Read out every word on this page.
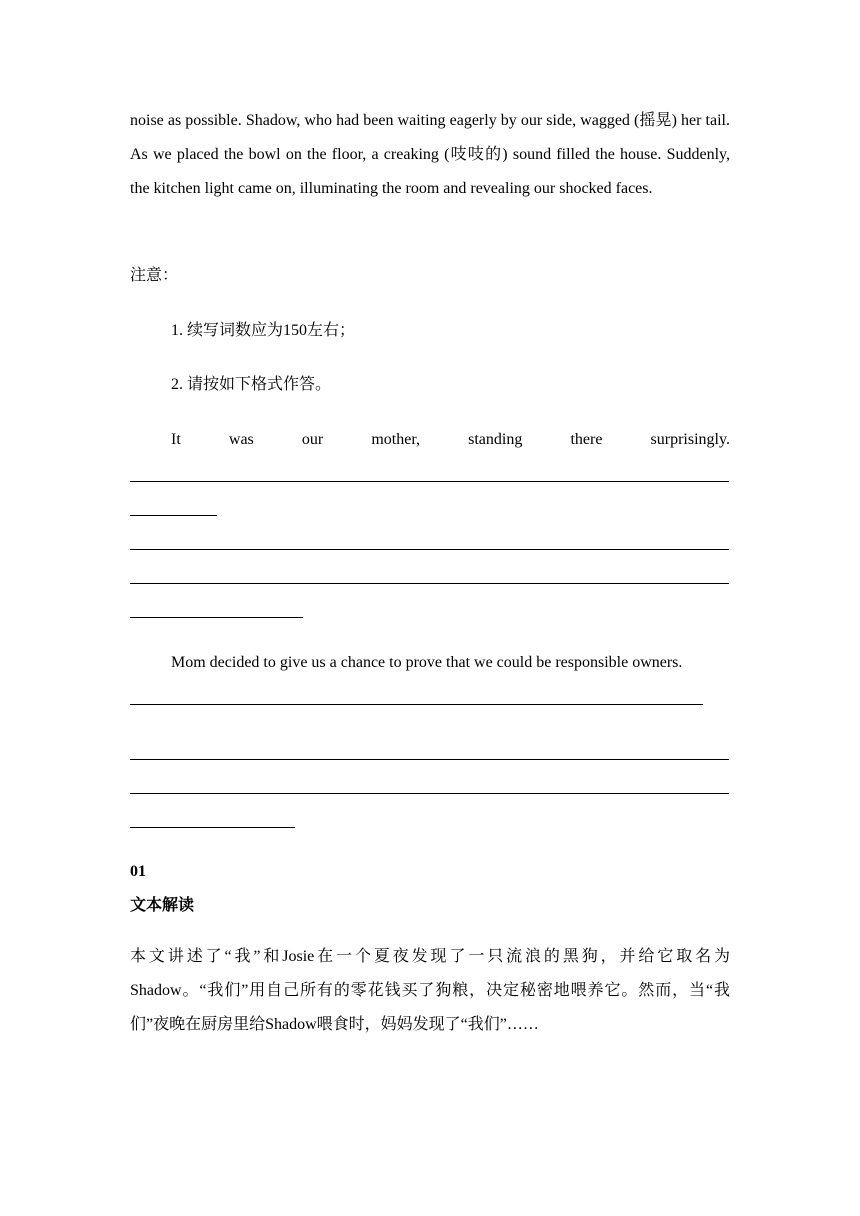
noise as possible. Shadow, who had been waiting eagerly by our side, wagged (摇晃) her tail. As we placed the bowl on the floor, a creaking (吱吱的) sound filled the house. Suddenly, the kitchen light came on, illuminating the room and revealing our shocked faces.

注意：

1. 续写词数应为150左右；

2. 请按如下格式作答。

It	was	our	mother,	standing	there	surprisingly.

Mom decided to give us a chance to prove that we could be responsible owners.

01

文本解读

本文讲述了“我”和Josie在一个夏夜发现了一只流浪的黑狗，并给它取名为Shadow。“我们”用自己所有的零花钱买了狗粮，决定秘密地喂养它。然而，当“我们”夜晚在厨房里给Shadow喂食时，妈妈发现了“我们”……
